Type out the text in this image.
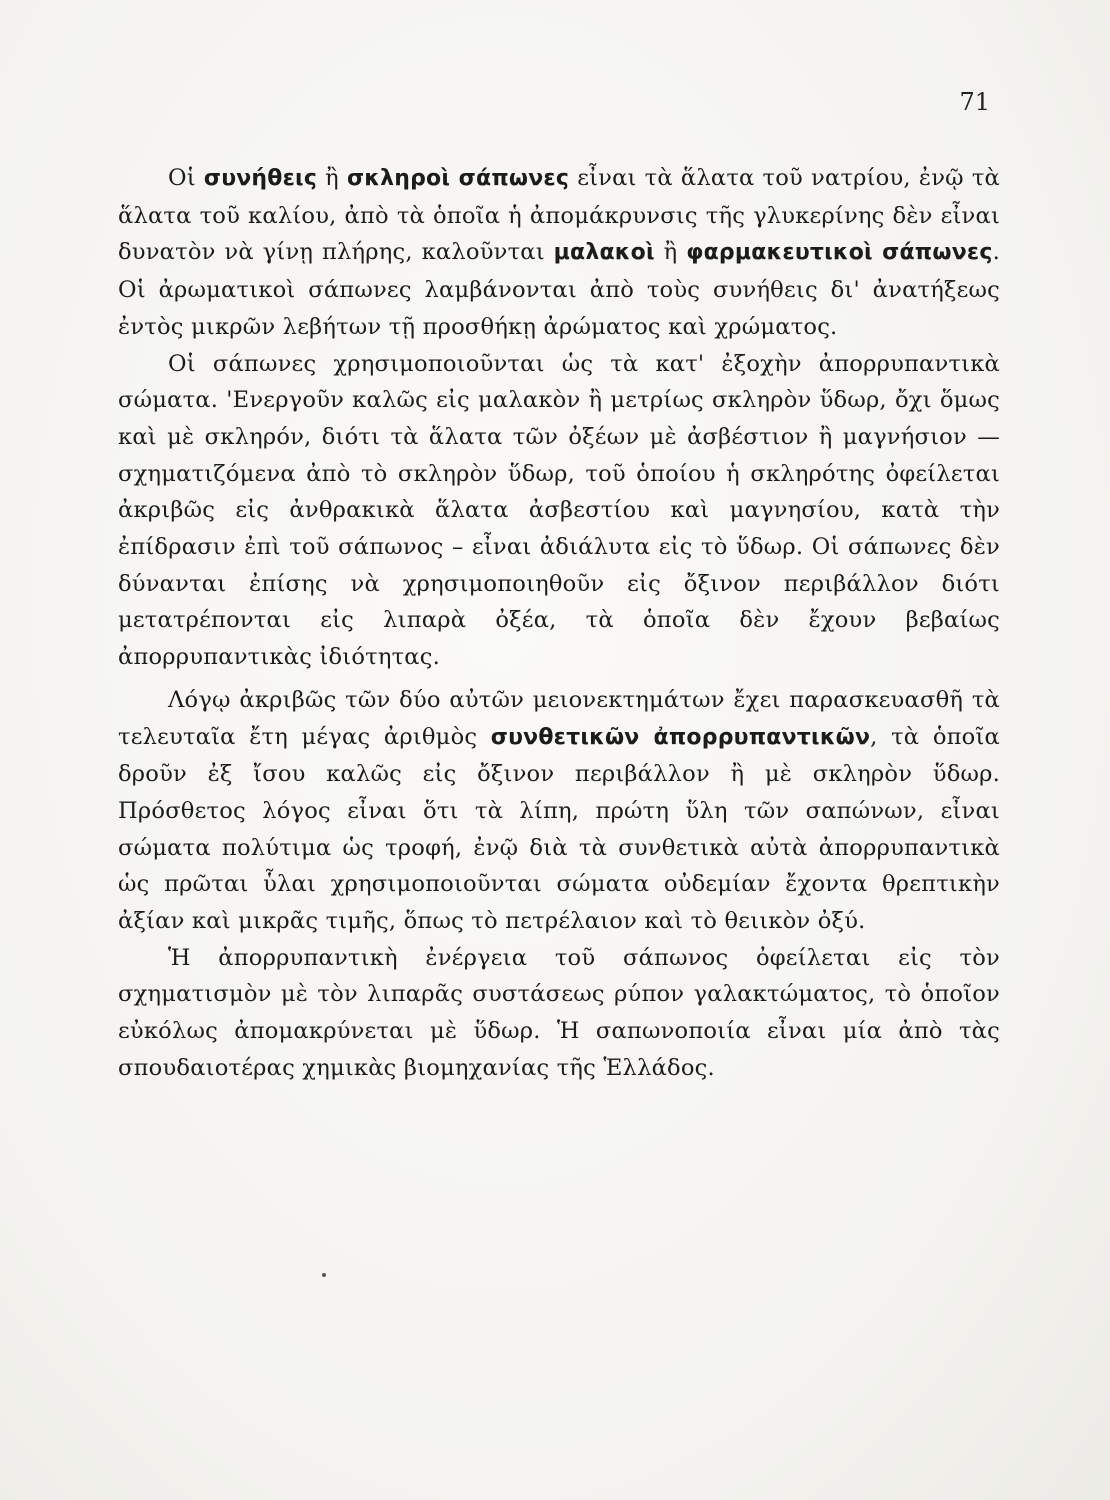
71

Οἱ συνήθεις ἢ σκληροὶ σάπωνες εἶναι τὰ ἅλατα τοῦ νατρίου, ἐνῷ τὰ ἅλατα τοῦ καλίου, ἀπὸ τὰ ὁποῖα ἡ ἀπομάκρυνσις τῆς γλυκερίνης δὲν εἶναι δυνατὸν νὰ γίνῃ πλήρης, καλοῦνται μαλακοὶ ἢ φαρμακευτικοὶ σάπωνες. Οἱ ἀρωματικοὶ σάπωνες λαμβάνονται ἀπὸ τοὺς συνήθεις δι' ἀνατήξεως ἐντὸς μικρῶν λεβήτων τῇ προσθήκῃ ἀρώματος καὶ χρώματος.

Οἱ σάπωνες χρησιμοποιοῦνται ὡς τὰ κατ' ἐξοχὴν ἀπορρυπαντικὰ σώματα. 'Ενεργοῦν καλῶς εἰς μαλακὸν ἢ μετρίως σκληρὸν ὕδωρ, ὄχι ὅμως καὶ μὲ σκληρόν, διότι τὰ ἅλατα τῶν ὀξέων μὲ ἀσβέστιον ἢ μαγνήσιον — σχηματιζόμενα ἀπὸ τὸ σκληρὸν ὕδωρ, τοῦ ὁποίου ἡ σκληρότης ὀφείλεται ἀκριβῶς εἰς ἀνθρακικὰ ἅλατα ἀσβεστίου καὶ μαγνησίου, κατὰ τὴν ἐπίδρασιν ἐπὶ τοῦ σάπωνος – εἶναι ἀδιάλυτα εἰς τὸ ὕδωρ. Οἱ σάπωνες δὲν δύνανται ἐπίσης νὰ χρησιμοποιηθοῦν εἰς ὄξινον περιβάλλον διότι μετατρέπονται εἰς λιπαρὰ ὀξέα, τὰ ὁποῖα δὲν ἔχουν βεβαίως ἀπορρυπαντικὰς ἰδιότητας.

Λόγῳ ἀκριβῶς τῶν δύο αὐτῶν μειονεκτημάτων ἔχει παρασκευασθῆ τὰ τελευταῖα ἔτη μέγας ἀριθμὸς συνθετικῶν ἀπορρυπαντικῶν, τὰ ὁποῖα δροῦν ἐξ ἴσου καλῶς εἰς ὄξινον περιβάλλον ἢ μὲ σκληρὸν ὕδωρ. Πρόσθετος λόγος εἶναι ὅτι τὰ λίπη, πρώτη ὕλη τῶν σαπώνων, εἶναι σώματα πολύτιμα ὡς τροφή, ἐνῷ διὰ τὰ συνθετικὰ αὐτὰ ἀπορρυπαντικὰ ὡς πρῶται ὗλαι χρησιμοποιοῦνται σώματα οὐδεμίαν ἔχοντα θρεπτικὴν ἀξίαν καὶ μικρᾶς τιμῆς, ὅπως τὸ πετρέλαιον καὶ τὸ θειικὸν ὀξύ.

Ἡ ἀπορρυπαντικὴ ἐνέργεια τοῦ σάπωνος ὀφείλεται εἰς τὸν σχηματισμὸν μὲ τὸν λιπαρᾶς συστάσεως ρύπον γαλακτώματος, τὸ ὁποῖον εὐκόλως ἀπομακρύνεται μὲ ὕδωρ. Ἡ σαπωνοποιία εἶναι μία ἀπὸ τὰς σπουδαιοτέρας χημικὰς βιομηχανίας τῆς Ἑλλάδος.
